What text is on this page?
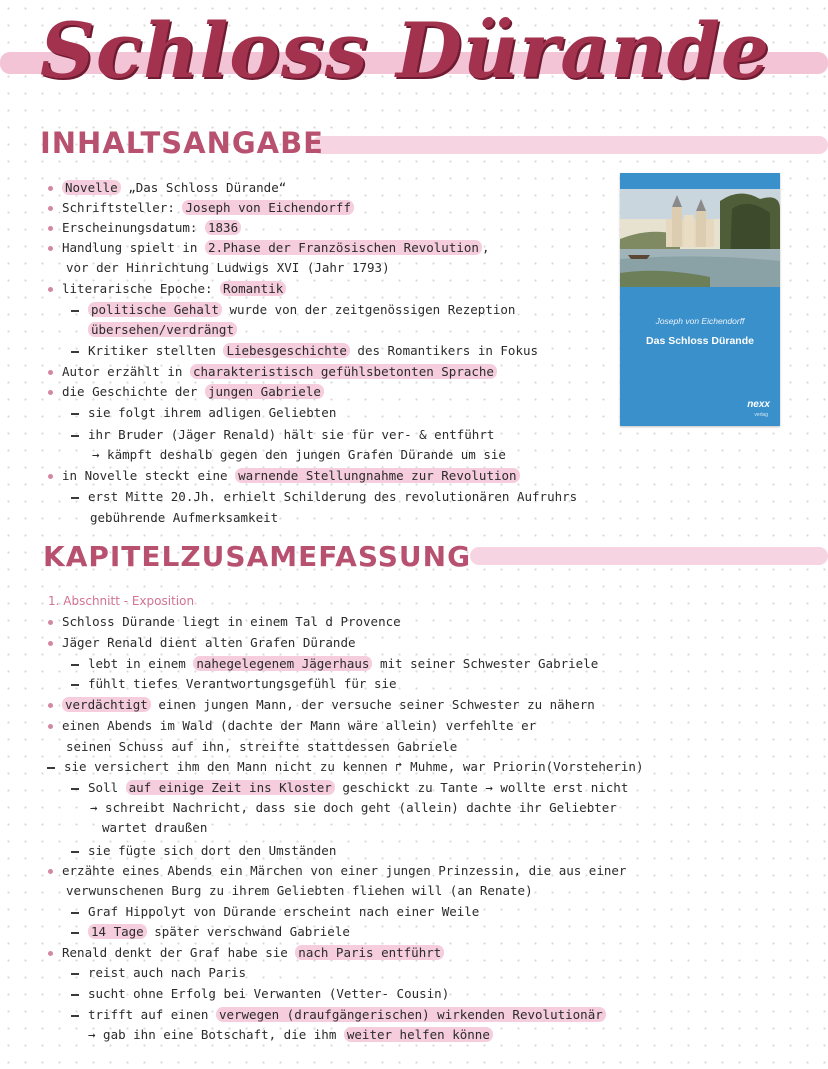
Schloss Dürande
INHALTSANGABE
Joseph von Eichendorff
Das Schloss Dürande
nexx
verlag
Novelle „Das Schloss Dürande“
Schriftsteller: Joseph von Eichendorff
Erscheinungsdatum: 1836
Handlung spielt in 2.Phase der Französischen Revolution ,
vor der Hinrichtung Ludwigs XVI (Jahr 1793)
literarische Epoche: Romantik
politische Gehalt wurde von der zeitgenössigen Rezeption
übersehen/verdrängt
Kritiker stellten Liebesgeschichte des Romantikers in Fokus
Autor erzählt in charakteristisch gefühlsbetonten Sprache
die Geschichte der jungen Gabriele
sie folgt ihrem adligen Geliebten
ihr Bruder (Jäger Renald) hält sie für ver- & entführt
→ kämpft deshalb gegen den jungen Grafen Dürande um sie
in Novelle steckt eine warnende Stellungnahme zur Revolution
erst Mitte 20.Jh. erhielt Schilderung des revolutionären Aufruhrs
gebührende Aufmerksamkeit
KAPITELZUSAMEFASSUNG
1. Abschnitt - Exposition
Schloss Dürande liegt in einem Tal d Provence
Jäger Renald dient alten Grafen Dürande
lebt in einem nahegelegenem Jägerhaus mit seiner Schwester Gabriele
fühlt tiefes Verantwortungsgefühl für sie
verdächtigt einen jungen Mann, der versuche seiner Schwester zu nähern
einen Abends im Wald (dachte der Mann wäre allein) verfehlte er
seinen Schuss auf ihn, streifte stattdessen Gabriele
sie versichert ihm den Mann nicht zu kennen ↱ Muhme, war Priorin(Vorsteherin)
Soll auf einige Zeit ins Kloster geschickt zu Tante → wollte erst nicht
→ schreibt Nachricht, dass sie doch geht (allein) dachte ihr Geliebter
wartet draußen
sie fügte sich dort den Umständen
erzähte eines Abends ein Märchen von einer jungen Prinzessin, die aus einer
verwunschenen Burg zu ihrem Geliebten fliehen will (an Renate)
Graf Hippolyt von Dürande erscheint nach einer Weile
14 Tage später verschwand Gabriele
Renald denkt der Graf habe sie nach Paris entführt
reist auch nach Paris
sucht ohne Erfolg bei Verwanten (Vetter- Cousin)
trifft auf einen verwegen (draufgängerischen) wirkenden Revolutionär
→ gab ihn eine Botschaft, die ihm weiter helfen könne
